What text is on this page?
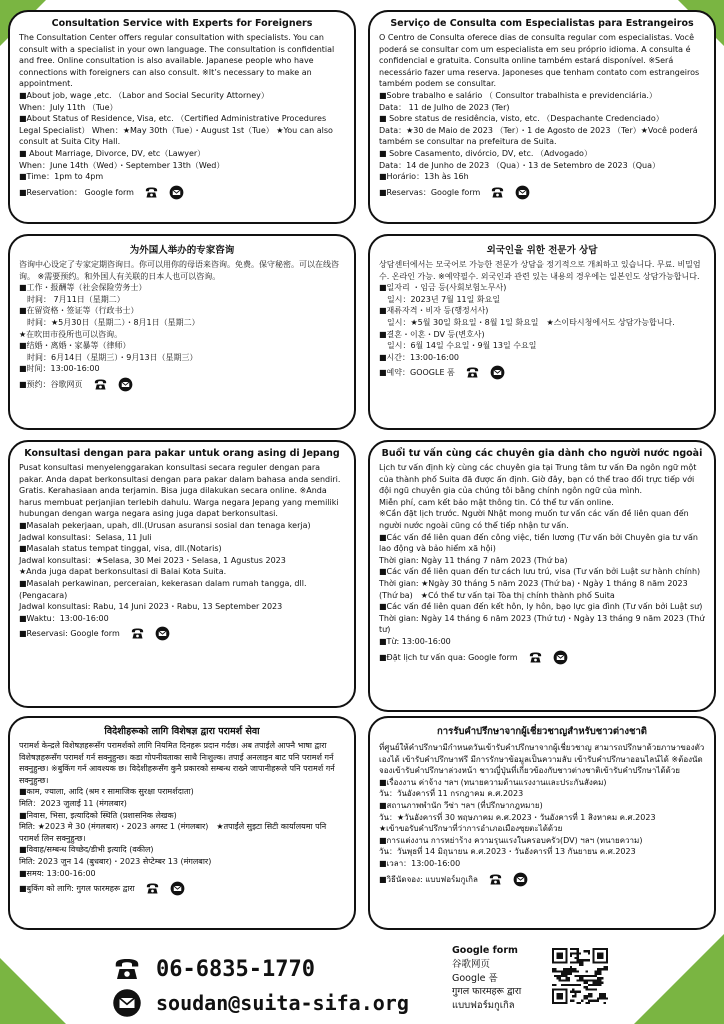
Consultation Service with Experts for Foreigners
The Consultation Center offers regular consultation with specialists. You can consult with a specialist in your own language. The consultation is confidential and free. Online consultation is also available. Japanese people who have connections with foreigners can also consult. ※It’s necessary to make an appointment.
■About job, wage ,etc. （Labor and Social Security Attorney）
When：July 11th （Tue）
■About Status of Residence, Visa, etc. （Certified Administrative Procedures Legal Specialist） When：★May 30th（Tue）・August 1st（Tue） ★You can also consult at Suita City Hall.
■ About Marriage, Divorce, DV, etc（Lawyer）
When：June 14th（Wed）・September 13th（Wed）
■Time：1pm to 4pm
■Reservation： Google form
Serviço de Consulta com Especialistas para Estrangeiros
O Centro de Consulta oferece dias de consulta regular com especialistas. Você poderá se consultar com um especialista em seu próprio idioma. A consulta é confidencial e gratuita. Consulta online também estará disponível. ※Será necessário fazer uma reserva. Japoneses que tenham contato com estrangeiros também podem se consultar.
■Sobre trabalho e salário （ Consultor trabalhista e previdenciária.）
Data： 11 de Julho de 2023 (Ter)
■ Sobre status de residência, visto, etc. （Despachante Credenciado）
Data：★30 de Maio de 2023 （Ter）・1 de Agosto de 2023 （Ter）★Você poderá também se consultar na prefeitura de Suita.
■ Sobre Casamento, divórcio, DV, etc. （Advogado）
Data：14 de Junho de 2023 （Qua）・13 de Setembro de 2023（Qua）
■Horário：13h às 16h
■Reservas：Google form
为外国人举办的专家咨询
咨询中心设定了专家定期咨询日。你可以用你的母语来咨询。免费。保守秘密。可以在线咨询。 ※需要预约。和外国人有关联的日本人也可以咨询。
■工作・报酬等（社会保险劳务士）
　时间： 7月11日（星期二）
■在留资格・签证等（行政书士）
　时间：★5月30日（星期二）・8月1日（星期二）
★在吹田市役所也可以咨询。
■结婚・离婚・家暴等（律师）
　时间：6月14日（星期三）・9月13日（星期三）
■时间：13:00-16:00
■预约：谷歌网页
외국인을 위한 전문가 상담
상담센터에서는 모국어로 가능한 전문가 상담을 정기적으로 개최하고 있습니다. 무료. 비밀엄수. 온라인 가능. ※예약필수. 외국인과 관련 있는 내용의 경우에는 일본인도 상담가능합니다.
■일자리 ・임금 등(사회보험노무사)
　일시：2023년 7월 11일 화요일
■재류자격・비자 등(행정서사)
　일시：★5월 30일 화요일・8월 1일 화요일　★스이타시청에서도 상담가능합니다.
■결혼・이혼・DV 등(변호사)
　일시：6월 14일 수요일・9월 13일 수요일
■시간：13:00-16:00
■예약：GOOGLE 폼
Konsultasi dengan para pakar untuk orang asing di Jepang
Pusat konsultasi menyelenggarakan konsultasi secara reguler dengan para pakar. Anda dapat berkonsultasi dengan para pakar dalam bahasa anda sendiri. Gratis. Kerahasiaan anda terjamin. Bisa juga dilakukan secara online. ※Anda harus membuat perjanjian terlebih dahulu. Warga negara Jepang yang memiliki hubungan dengan warga negara asing juga dapat berkonsultasi.
■Masalah pekerjaan, upah, dll.(Urusan asuransi sosial dan tenaga kerja)
Jadwal konsultasi：Selasa, 11 Juli
■Masalah status tempat tinggal, visa, dll.(Notaris)
Jadwal konsultasi：★Selasa, 30 Mei 2023・Selasa, 1 Agustus 2023
★Anda juga dapat berkonsultasi di Balai Kota Suita.
■Masalah perkawinan, perceraian, kekerasan dalam rumah tangga, dll. (Pengacara)
Jadwal konsultasi: Rabu, 14 Juni 2023・Rabu, 13 September 2023
■Waktu：13:00-16:00
■Reservasi: Google form
Buổi tư vấn cùng các chuyên gia dành cho người nước ngoài
Lịch tư vấn định kỳ cùng các chuyên gia tại Trung tâm tư vấn Đa ngôn ngữ một của thành phố Suita đã được ấn định. Giờ đây, bạn có thể trao đổi trực tiếp với đội ngũ chuyên gia của chúng tôi bằng chính ngôn ngữ của mình.
Miễn phí, cam kết bảo mật thông tin. Có thể tư vấn online.
※Cần đặt lịch trước. Người Nhật mong muốn tư vấn các vấn đề liên quan đến người nước ngoài cũng có thể tiếp nhận tư vấn.
■Các vấn đề liên quan đến công việc, tiền lương (Tư vấn bởi Chuyên gia tư vấn lao động và bảo hiểm xã hội)
Thời gian: Ngày 11 tháng 7 năm 2023 (Thứ ba)
■Các vấn đề liên quan đến tư cách lưu trú, visa (Tư vấn bởi Luật sư hành chính)
Thời gian: ★Ngày 30 tháng 5 năm 2023 (Thứ ba)・Ngày 1 tháng 8 năm 2023 (Thứ ba)　★Có thể tư vấn tại Tòa thị chính thành phố Suita
■Các vấn đề liên quan đến kết hôn, ly hôn, bạo lực gia đình (Tư vấn bởi Luật sư)
Thời gian: Ngày 14 tháng 6 năm 2023 (Thứ tư)・Ngày 13 tháng 9 năm 2023 (Thứ tư)
■Từ: 13:00-16:00
■Đặt lịch tư vấn qua: Google form
विदेशीहरूको लागि विशेषज्ञ द्वारा परामर्श सेवा
परामर्श केन्द्रले विशेषज्ञहरूसँग परामर्शको लागि नियमित दिनहरू प्रदान गर्दछ। अब तपाईले आफ्नै भाषा द्वारा विशेषज्ञहरूसँग परामर्श गर्न सक्नुहुन्छ। कडा गोपनीयताका साथै निःशुल्क। तपाई अनलाइन बाट पनि परामर्श गर्न सक्नुहुन्छ। ※बुकिंग गर्न आवश्यक छ। विदेशीहरूसँग कुनै प्रकारको सम्बन्ध राख्ने जापानीहरूले पनि परामर्श गर्न सक्नुहुन्छ।
■काम, ज्याला, आदि (श्रम र सामाजिक सुरक्षा परामर्शदाता)
मिति：2023 जुलाई 11 (मंगलबार)
■निवास, भिसा, इत्यादिको स्थिति (प्रशासनिक लेखक)
मिति: ★2023 मे 30 (मंगलबार)・2023 अगस्ट 1 (मंगलबार)　★तपाईंले सुइटा सिटी कार्यालयमा पनि परामर्श लिन सक्नुहुन्छ।
■विवाह/सम्बन्ध विच्छेद/डीभी इत्यादि (वकील)
मिति: 2023 जुन 14 (बुधबार)・2023 सेप्टेम्बर 13 (मंगलबार)
■समय: 13:00-16:00
■बुकिंग को लागि: गुगल फारमहरू द्वारा
การรับคำปรึกษาจากผู้เชี่ยวชาญสำหรับชาวต่างชาติ
ที่ศูนย์ให้คำปรึกษามีกำหนดวันเข้ารับคำปรึกษาจากผู้เชี่ยวชาญ สามารถปรึกษาด้วยภาษาของตัวเองได้ เข้ารับคำปรึกษาฟรี มีการรักษาข้อมูลเป็นความลับ เข้ารับคำปรึกษาออนไลน์ได้ ※ต้องนัดจองเข้ารับคำปรึกษาล่วงหน้า ชาวญี่ปุ่นที่เกี่ยวข้องกับชาวต่างชาติเข้ารับคำปรึกษาได้ด้วย
■เรื่องงาน ค่าจ้าง ฯลฯ (ทนายความด้านแรงงานและประกันสังคม)
วัน：วันอังคารที่ 11 กรกฎาคม ค.ศ.2023
■สถานภาพพำนัก วีซ่า ฯลฯ (ที่ปรึกษากฎหมาย)
วัน：★วันอังคารที่ 30 พฤษภาคม ค.ศ.2023・วันอังคารที่ 1 สิงหาคม ค.ศ.2023
★เข้าขอรับคำปรึกษาที่ว่าการอำเภอเมืองซุยตะได้ด้วย
■การแต่งงาน การหย่าร้าง ความรุนแรงในครอบครัว(DV) ฯลฯ (ทนายความ)
วัน：วันพุธที่ 14 มิถุนายน ค.ศ.2023・วันอังคารที่ 13 กันยายน ค.ศ.2023
■เวลา：13:00-16:00
■วิธีนัดจอง: แบบฟอร์มกูเกิล
06-6835-1770
soudan@suita-sifa.org
Google form
谷歌网页
Google 폼
गुगल फारमहरू द्वारा
แบบฟอร์มกูเกิล
